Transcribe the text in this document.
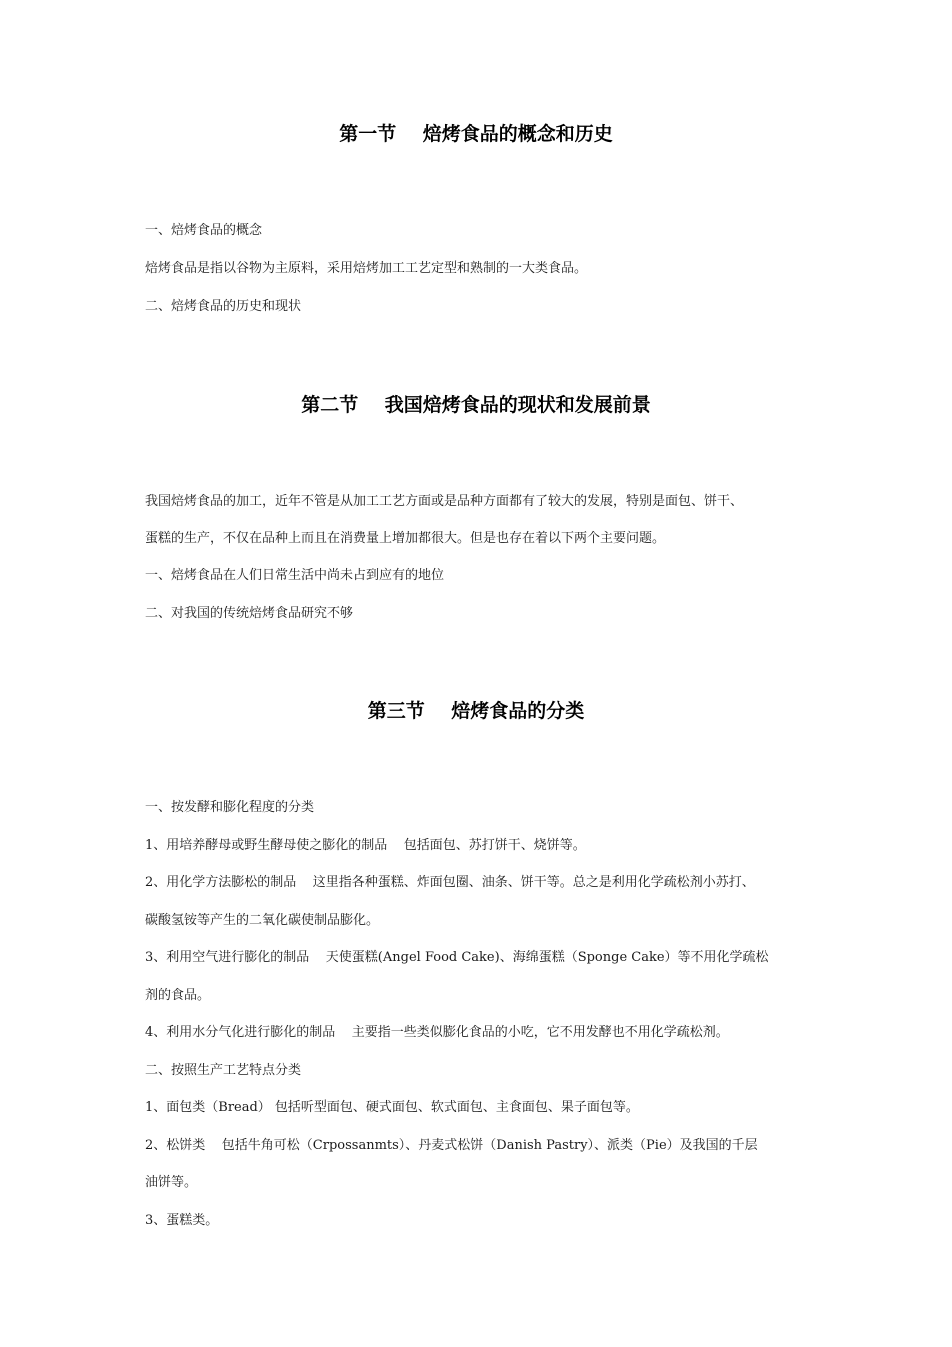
第一节    焙烤食品的概念和历史
一、焙烤食品的概念
焙烤食品是指以谷物为主原料，采用焙烤加工工艺定型和熟制的一大类食品。
二、焙烤食品的历史和现状
第二节    我国焙烤食品的现状和发展前景
我国焙烤食品的加工，近年不管是从加工工艺方面或是品种方面都有了较大的发展，特别是面包、饼干、
蛋糕的生产，不仅在品种上而且在消费量上增加都很大。但是也存在着以下两个主要问题。
一、焙烤食品在人们日常生活中尚未占到应有的地位
二、对我国的传统焙烤食品研究不够
第三节    焙烤食品的分类
一、按发酵和膨化程度的分类
1、用培养酵母或野生酵母使之膨化的制品    包括面包、苏打饼干、烧饼等。
2、用化学方法膨松的制品    这里指各种蛋糕、炸面包圈、油条、饼干等。总之是利用化学疏松剂小苏打、
碳酸氢铵等产生的二氧化碳使制品膨化。
3、利用空气进行膨化的制品    天使蛋糕(Angel Food Cake)、海绵蛋糕（Sponge Cake）等不用化学疏松
剂的食品。
4、利用水分气化进行膨化的制品    主要指一些类似膨化食品的小吃，它不用发酵也不用化学疏松剂。
二、按照生产工艺特点分类
1、面包类（Bread） 包括听型面包、硬式面包、软式面包、主食面包、果子面包等。
2、松饼类    包括牛角可松（Crpossanmts）、丹麦式松饼（Danish Pastry）、派类（Pie）及我国的千层
油饼等。
3、蛋糕类。
